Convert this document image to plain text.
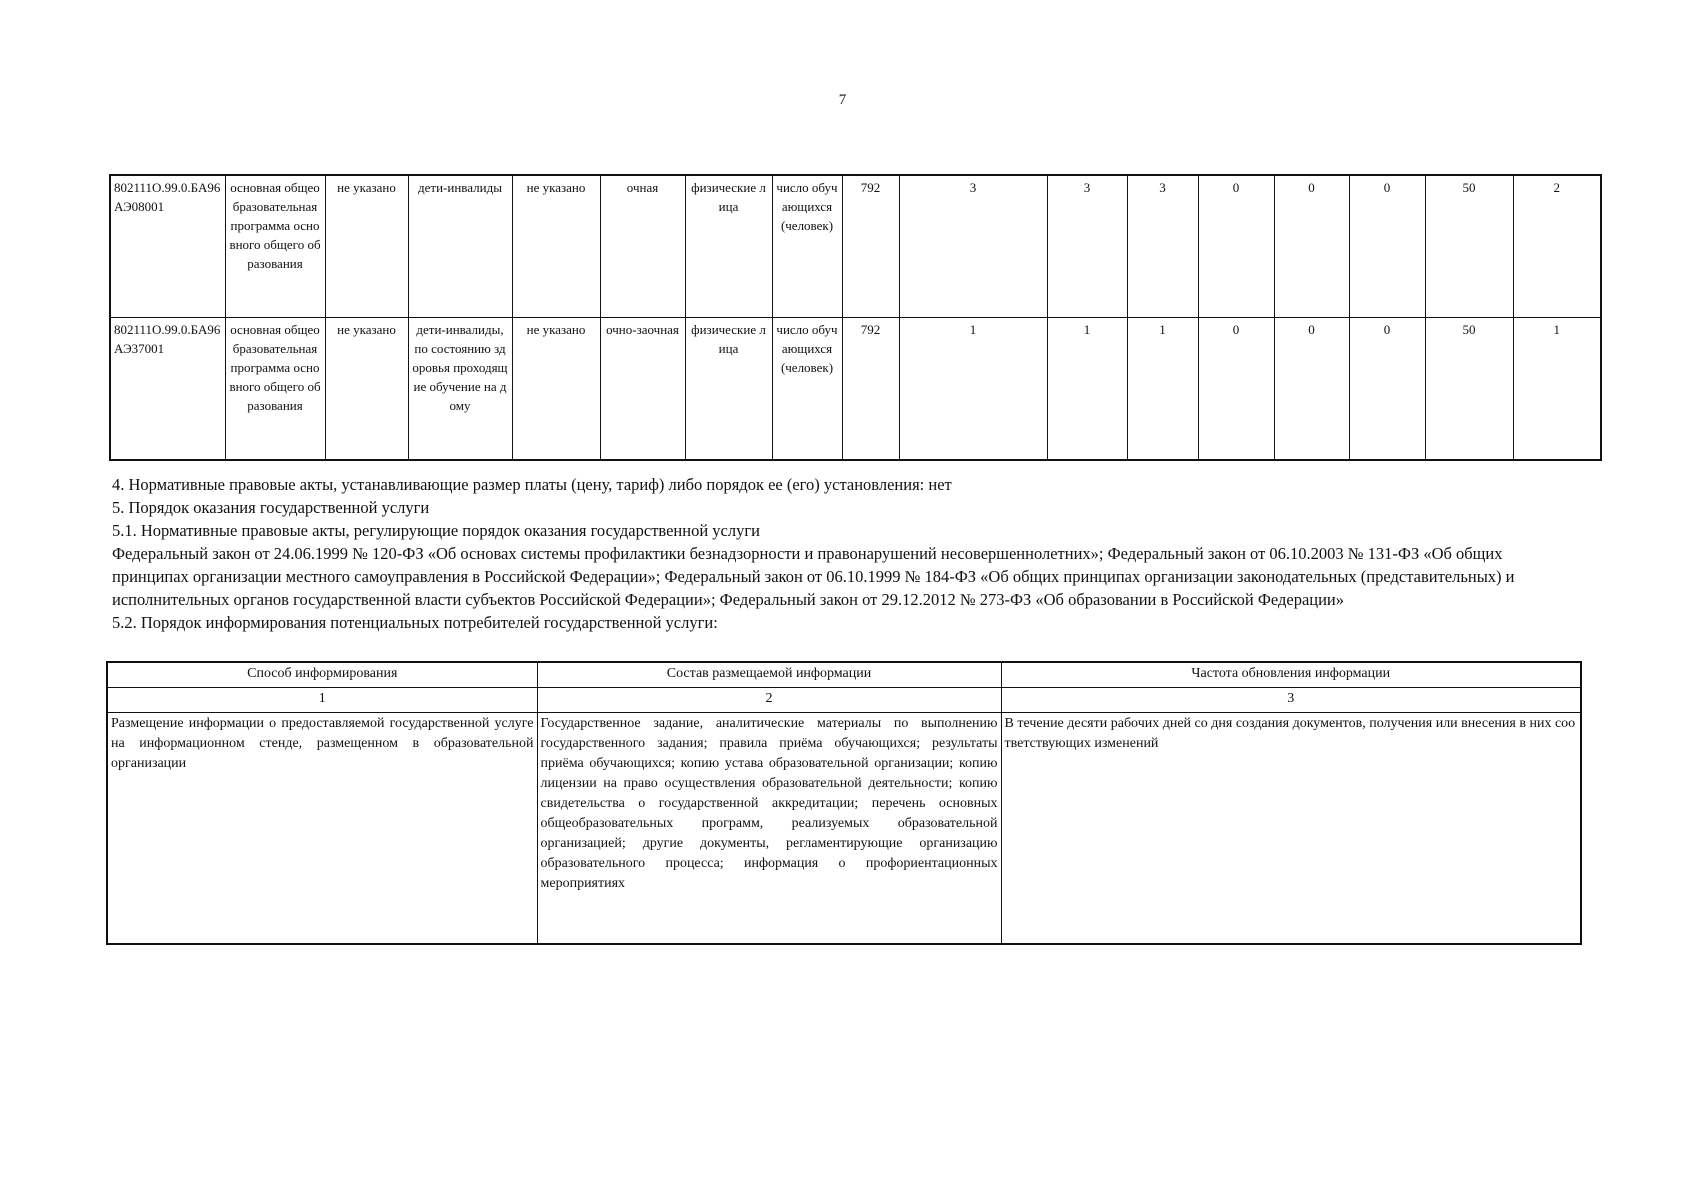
7
802111О.99.0.БА96АЭ08001	основная общеобразовательная программа основного общего образования	не указано	дети-инвалиды	не указано	очная	физические лица	число обучающихся (человек)	792	3	3	3	0	0	0	50	2
802111О.99.0.БА96АЭ37001	основная общеобразовательная программа основного общего образования	не указано	дети-инвалиды, по состоянию здоровья проходящие обучение на дому	не указано	очно-заочная	физические лица	число обучающихся (человек)	792	1	1	1	0	0	0	50	1

4. Нормативные правовые акты, устанавливающие размер платы (цену, тариф) либо порядок ее (его) установления: нет

5. Порядок оказания государственной услуги

5.1. Нормативные правовые акты, регулирующие порядок оказания государственной услуги

Федеральный закон от 24.06.1999 № 120-ФЗ «Об основах системы профилактики безнадзорности и правонарушений несовершеннолетних»; Федеральный закон от 06.10.2003 № 131-ФЗ «Об общих принципах организации местного самоуправления в Российской Федерации»; Федеральный закон от 06.10.1999 № 184-ФЗ «Об общих принципах организации законодательных (представительных) и исполнительных органов государственной власти субъектов Российской Федерации»; Федеральный закон от 29.12.2012 № 273-ФЗ «Об образовании в Российской Федерации»

5.2. Порядок информирования потенциальных потребителей государственной услуги:

Способ информирования	Состав размещаемой информации	Частота обновления информации
1	2	3
Размещение информации о предоставляемой государственной услуге на информационном стенде, размещенном в образовательной организации	Государственное задание, аналитические материалы по выполнению государственного задания; правила приёма обучающихся; результаты приёма обучающихся; копию устава образовательной организации; копию лицензии на право осуществления образовательной деятельности; копию свидетельства о государственной аккредитации; перечень основных общеобразовательных программ, реализуемых образовательной организацией; другие документы, регламентирующие организацию образовательного процесса; информация о профориентационных мероприятиях	В течение десяти рабочих дней со дня создания документов, получения или внесения в них соответствующих изменений
